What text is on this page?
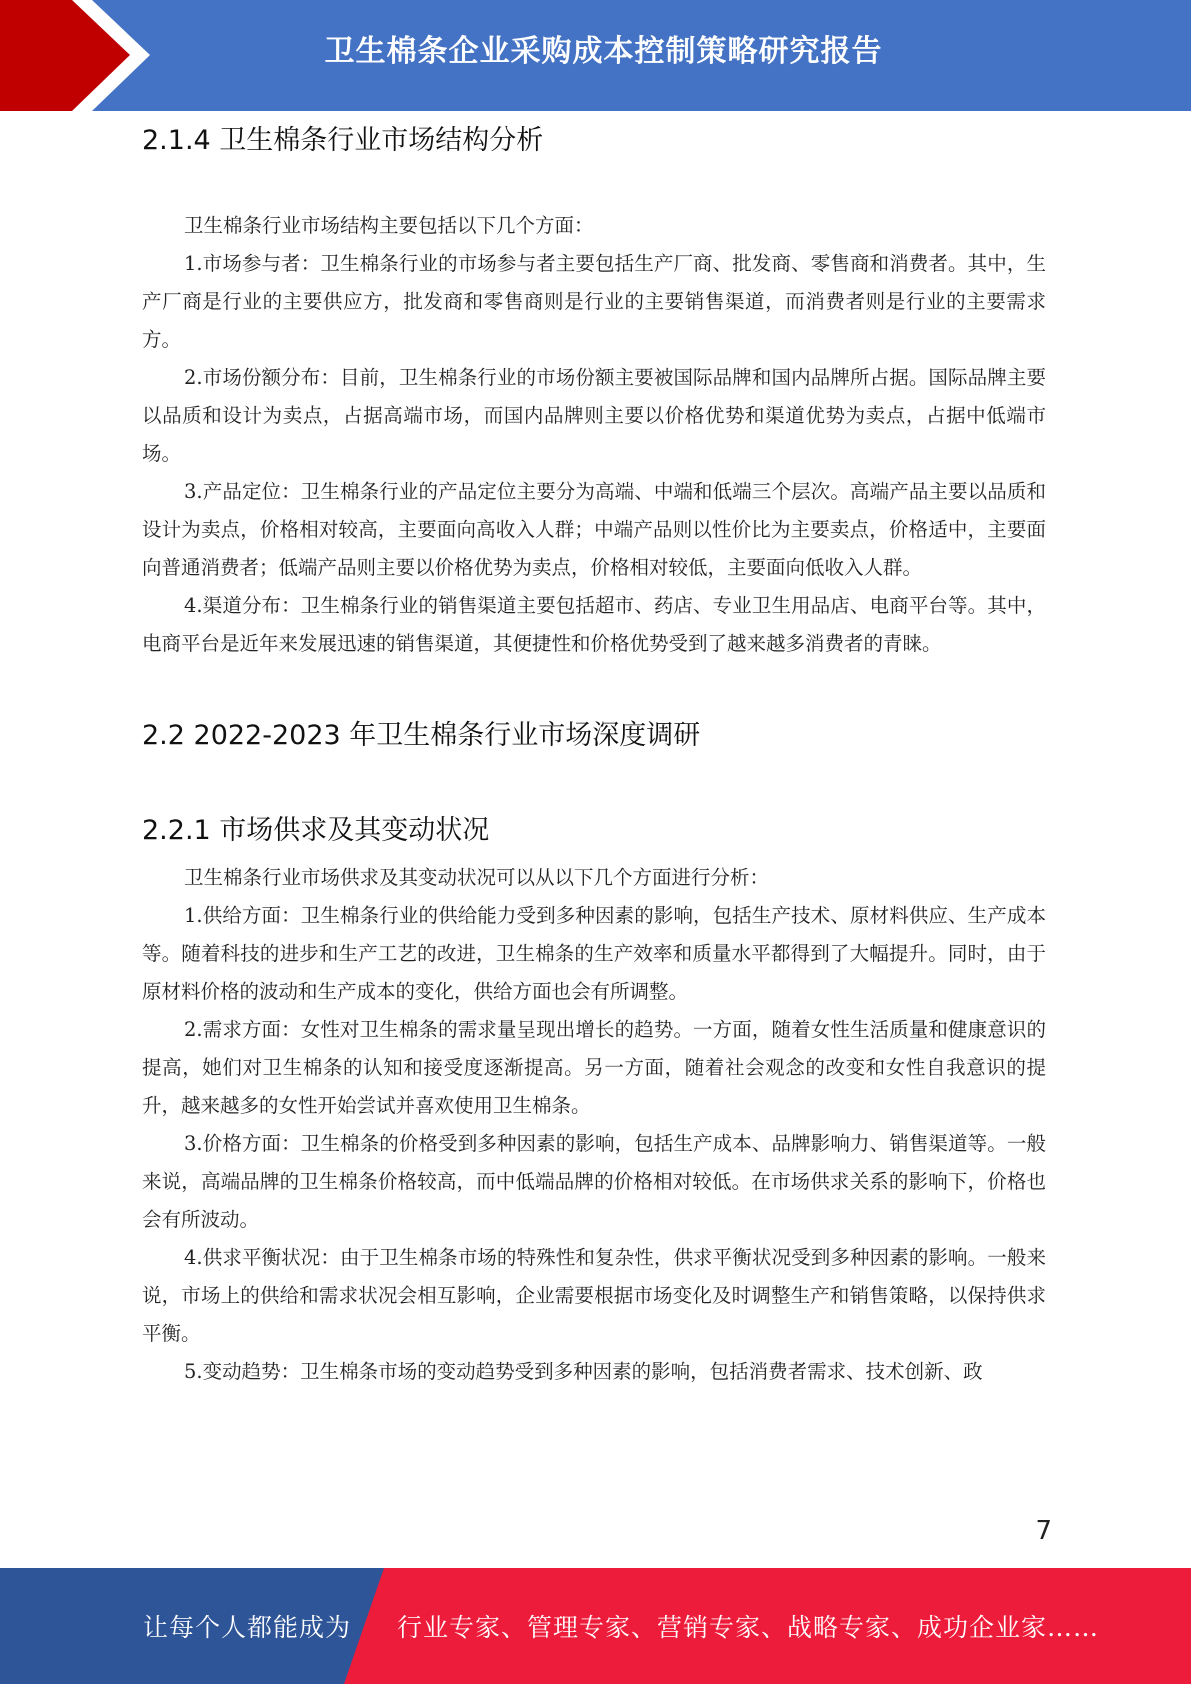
卫生棉条企业采购成本控制策略研究报告
2.1.4 卫生棉条行业市场结构分析

卫生棉条行业市场结构主要包括以下几个方面：

1.市场参与者：卫生棉条行业的市场参与者主要包括生产厂商、批发商、零售商和消费者。其中，生产厂商是行业的主要供应方，批发商和零售商则是行业的主要销售渠道，而消费者则是行业的主要需求方。

2.市场份额分布：目前，卫生棉条行业的市场份额主要被国际品牌和国内品牌所占据。国际品牌主要以品质和设计为卖点，占据高端市场，而国内品牌则主要以价格优势和渠道优势为卖点，占据中低端市场。

3.产品定位：卫生棉条行业的产品定位主要分为高端、中端和低端三个层次。高端产品主要以品质和设计为卖点，价格相对较高，主要面向高收入人群；中端产品则以性价比为主要卖点，价格适中，主要面向普通消费者；低端产品则主要以价格优势为卖点，价格相对较低，主要面向低收入人群。

4.渠道分布：卫生棉条行业的销售渠道主要包括超市、药店、专业卫生用品店、电商平台等。其中，电商平台是近年来发展迅速的销售渠道，其便捷性和价格优势受到了越来越多消费者的青睐。

2.2 2022-2023 年卫生棉条行业市场深度调研
2.2.1 市场供求及其变动状况

卫生棉条行业市场供求及其变动状况可以从以下几个方面进行分析：

1.供给方面：卫生棉条行业的供给能力受到多种因素的影响，包括生产技术、原材料供应、生产成本等。随着科技的进步和生产工艺的改进，卫生棉条的生产效率和质量水平都得到了大幅提升。同时，由于原材料价格的波动和生产成本的变化，供给方面也会有所调整。

2.需求方面：女性对卫生棉条的需求量呈现出增长的趋势。一方面，随着女性生活质量和健康意识的提高，她们对卫生棉条的认知和接受度逐渐提高。另一方面，随着社会观念的改变和女性自我意识的提升，越来越多的女性开始尝试并喜欢使用卫生棉条。

3.价格方面：卫生棉条的价格受到多种因素的影响，包括生产成本、品牌影响力、销售渠道等。一般来说，高端品牌的卫生棉条价格较高，而中低端品牌的价格相对较低。在市场供求关系的影响下，价格也会有所波动。

4.供求平衡状况：由于卫生棉条市场的特殊性和复杂性，供求平衡状况受到多种因素的影响。一般来说，市场上的供给和需求状况会相互影响，企业需要根据市场变化及时调整生产和销售策略，以保持供求平衡。

5.变动趋势：卫生棉条市场的变动趋势受到多种因素的影响，包括消费者需求、技术创新、政

7
让每个人都能成为 行业专家、管理专家、营销专家、战略专家、成功企业家……
